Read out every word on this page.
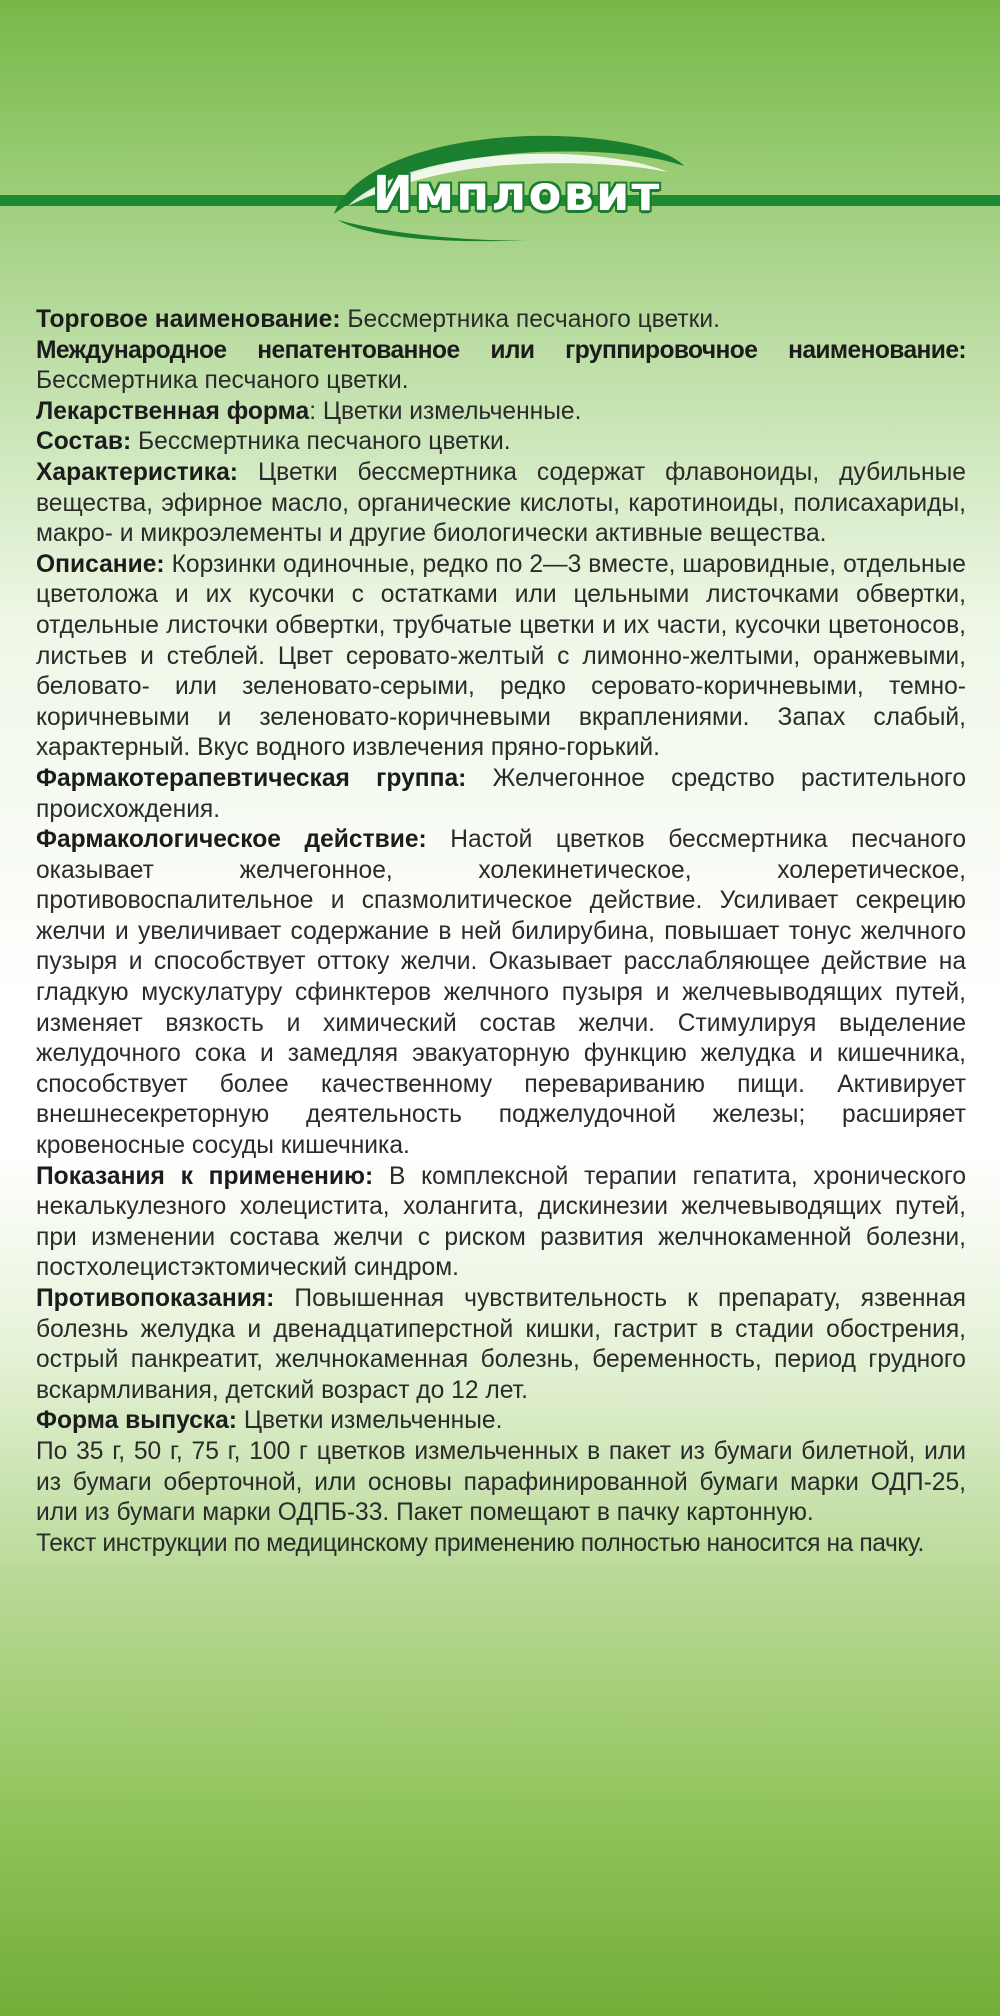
Импловит

Торговое наименование: Бессмертника песчаного цветки.

Международное непатентованное или группировочное наименование: Бессмертника песчаного цветки.

Лекарственная форма: Цветки измельченные.

Состав: Бессмертника песчаного цветки.

Характеристика: Цветки бессмертника содержат флавоноиды, дубильные вещества, эфирное масло, органические кислоты, каротиноиды, полисахариды, макро- и микроэлементы и другие биологически активные вещества.

Описание: Корзинки одиночные, редко по 2—3 вместе, шаровидные, отдельные цветоложа и их кусочки с остатками или цельными листочками обвертки, отдельные листочки обвертки, трубчатые цветки и их части, кусочки цветоносов, листьев и стеблей. Цвет серовато-желтый с лимонно-желтыми, оранжевыми, беловато- или зеленовато-серыми, редко серовато-коричневыми, темно-коричневыми и зеленовато-коричневыми вкраплениями. Запах слабый, характерный. Вкус водного извлечения пряно-горький.

Фармакотерапевтическая группа: Желчегонное средство растительного происхождения.

Фармакологическое действие: Настой цветков бессмертника песчаного оказывает желчегонное, холекинетическое, холеретическое, противовоспалительное и спазмолитическое действие. Усиливает секрецию желчи и увеличивает содержание в ней билирубина, повышает тонус желчного пузыря и способствует оттоку желчи. Оказывает расслабляющее действие на гладкую мускулатуру сфинктеров желчного пузыря и желчевыводящих путей, изменяет вязкость и химический состав желчи. Стимулируя выделение желудочного сока и замедляя эвакуаторную функцию желудка и кишечника, способствует более качественному перевариванию пищи. Активирует внешнесекреторную деятельность поджелудочной железы; расширяет кровеносные сосуды кишечника.

Показания к применению: В комплексной терапии гепатита, хронического некалькулезного холецистита, холангита, дискинезии желчевыводящих путей, при изменении состава желчи с риском развития желчнокаменной болезни, постхолецистэктомический синдром.

Противопоказания: Повышенная чувствительность к препарату, язвенная болезнь желудка и двенадцатиперстной кишки, гастрит в стадии обострения, острый панкреатит, желчнокаменная болезнь, беременность, период грудного вскармливания, детский возраст до 12 лет.

Форма выпуска: Цветки измельченные.

По 35 г, 50 г, 75 г, 100 г цветков измельченных в пакет из бумаги билетной, или из бумаги оберточной, или основы парафинированной бумаги марки ОДП-25, или из бумаги марки ОДПБ-33. Пакет помещают в пачку картонную.

Текст инструкции по медицинскому применению полностью наносится на пачку.
